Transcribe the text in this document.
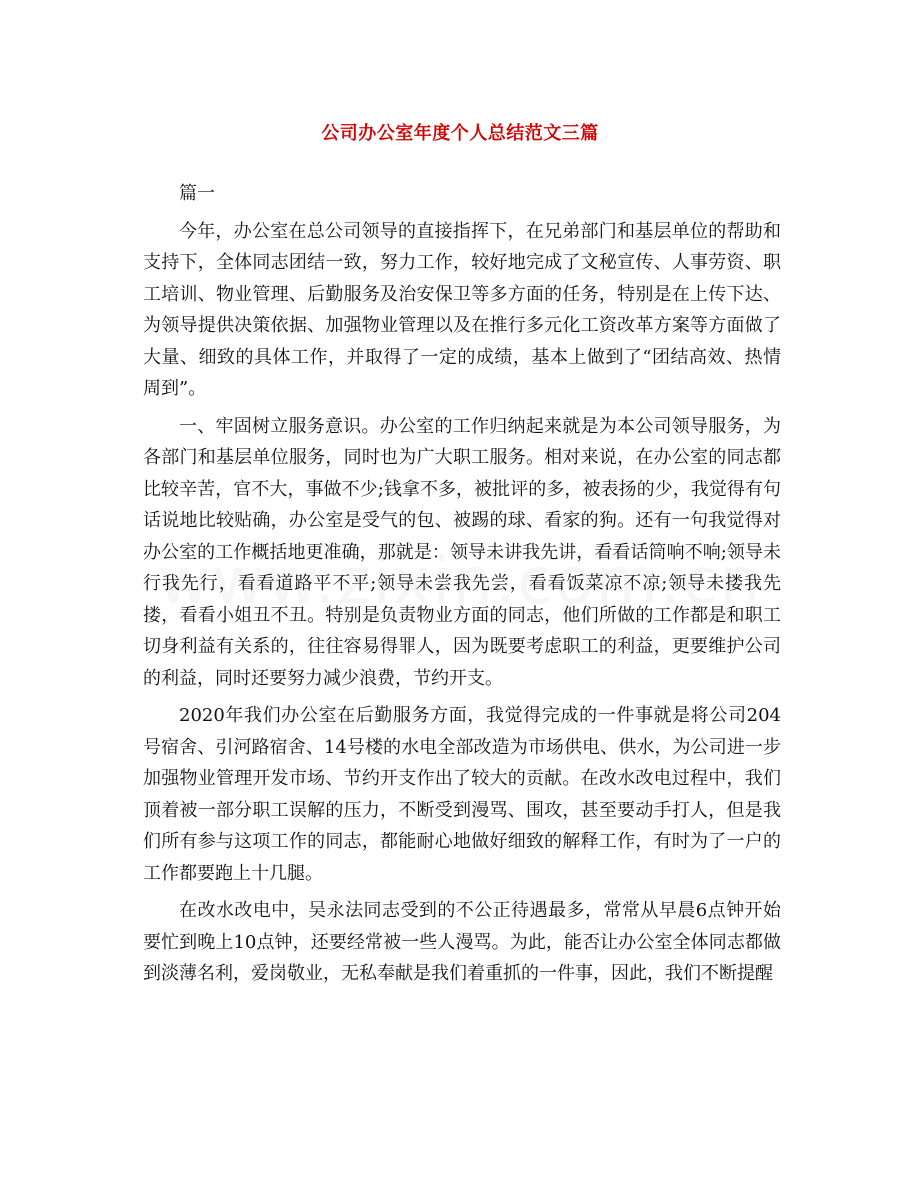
公司办公室年度个人总结范文三篇

篇一

今年，办公室在总公司领导的直接指挥下，在兄弟部门和基层单位的帮助和支持下，全体同志团结一致，努力工作，较好地完成了文秘宣传、人事劳资、职工培训、物业管理、后勤服务及治安保卫等多方面的任务，特别是在上传下达、为领导提供决策依据、加强物业管理以及在推行多元化工资改革方案等方面做了大量、细致的具体工作，并取得了一定的成绩，基本上做到了“团结高效、热情周到”。

一、牢固树立服务意识。办公室的工作归纳起来就是为本公司领导服务，为各部门和基层单位服务，同时也为广大职工服务。相对来说，在办公室的同志都比较辛苦，官不大，事做不少;钱拿不多，被批评的多，被表扬的少，我觉得有句话说地比较贴确，办公室是受气的包、被踢的球、看家的狗。还有一句我觉得对办公室的工作概括地更准确，那就是：领导未讲我先讲，看看话筒响不响;领导未行我先行，看看道路平不平;领导未尝我先尝，看看饭菜凉不凉;领导未搂我先搂，看看小姐丑不丑。特别是负责物业方面的同志，他们所做的工作都是和职工切身利益有关系的，往往容易得罪人，因为既要考虑职工的利益，更要维护公司的利益，同时还要努力减少浪费，节约开支。

2020年我们办公室在后勤服务方面，我觉得完成的一件事就是将公司204号宿舍、引河路宿舍、14号楼的水电全部改造为市场供电、供水，为公司进一步加强物业管理开发市场、节约开支作出了较大的贡献。在改水改电过程中，我们顶着被一部分职工误解的压力，不断受到漫骂、围攻，甚至要动手打人，但是我们所有参与这项工作的同志，都能耐心地做好细致的解释工作，有时为了一户的工作都要跑上十几腿。

在改水改电中，吴永法同志受到的不公正待遇最多，常常从早晨6点钟开始要忙到晚上10点钟，还要经常被一些人漫骂。为此，能否让办公室全体同志都做到淡薄名利，爱岗敬业，无私奉献是我们着重抓的一件事，因此，我们不断提醒
